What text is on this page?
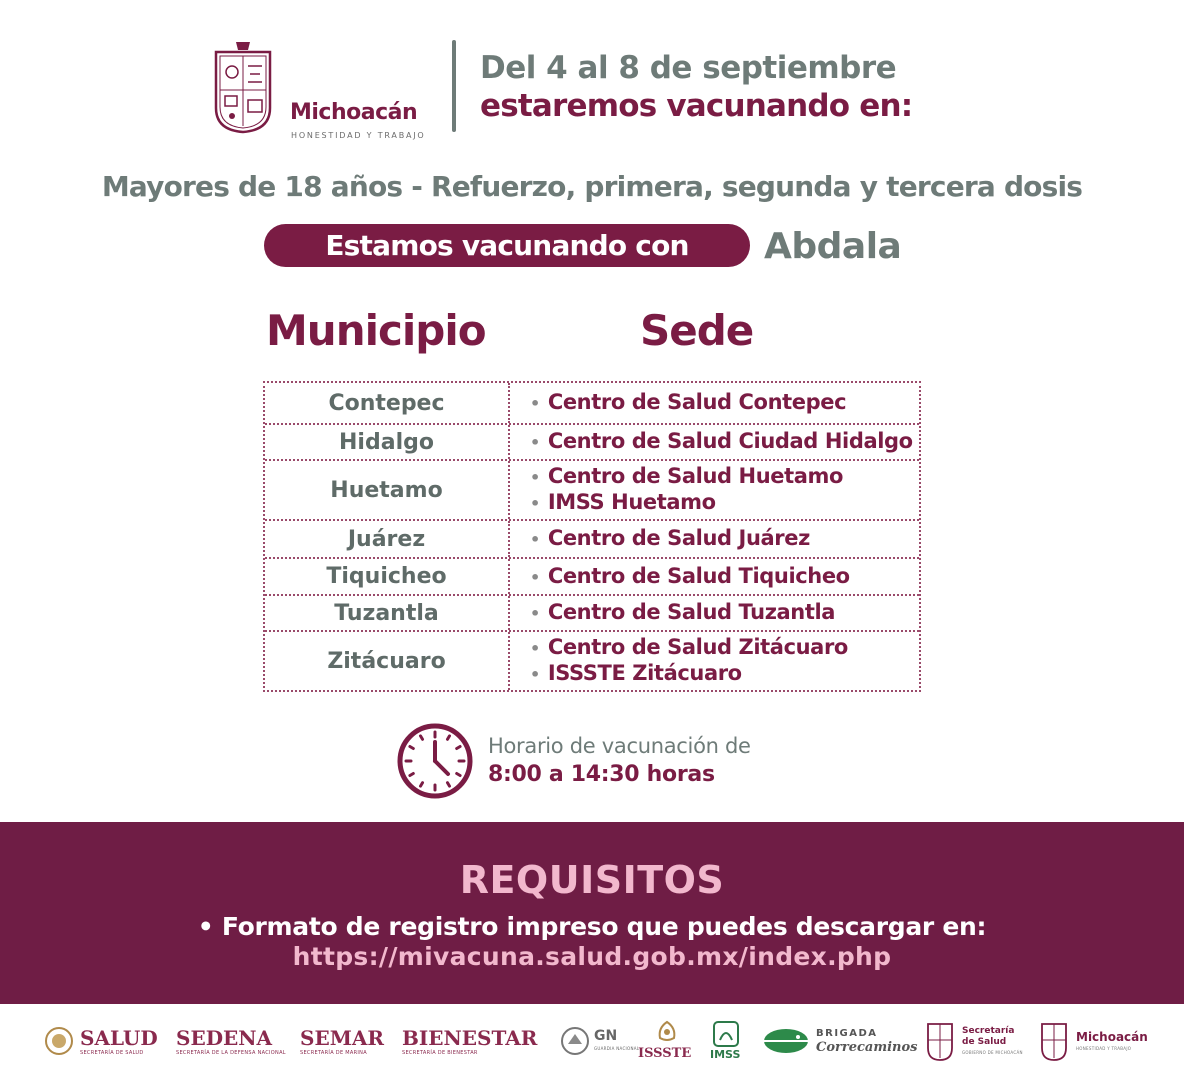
Michoacán
HONESTIDAD Y TRABAJO
Del 4 al 8 de septiembre
estaremos vacunando en:
Mayores de 18 años - Refuerzo, primera, segunda y tercera dosis
Estamos vacunando con	Abdala
Municipio	Sede
Contepec	• Centro de Salud Contepec
Hidalgo	• Centro de Salud Ciudad Hidalgo
Huetamo	• Centro de Salud Huetamo
• IMSS Huetamo
Juárez	• Centro de Salud Juárez
Tiquicheo	• Centro de Salud Tiquicheo
Tuzantla	• Centro de Salud Tuzantla
Zitácuaro	• Centro de Salud Zitácuaro
• ISSSTE Zitácuaro
Horario de vacunación de
8:00 a 14:30 horas
REQUISITOS
• Formato de registro impreso que puedes descargar en:
https://mivacuna.salud.gob.mx/index.php
SALUD
SECRETARÍA DE SALUD
SEDENA
SECRETARÍA DE LA DEFENSA NACIONAL
SEMAR
SECRETARÍA DE MARINA
BIENESTAR
SECRETARÍA DE BIENESTAR
GN
GUARDIA NACIONAL
ISSSTE IMSS
BRIGADA
Correcaminos
Secretaría de Salud
GOBIERNO DE MICHOACÁN
Michoacán
HONESTIDAD Y TRABAJO
